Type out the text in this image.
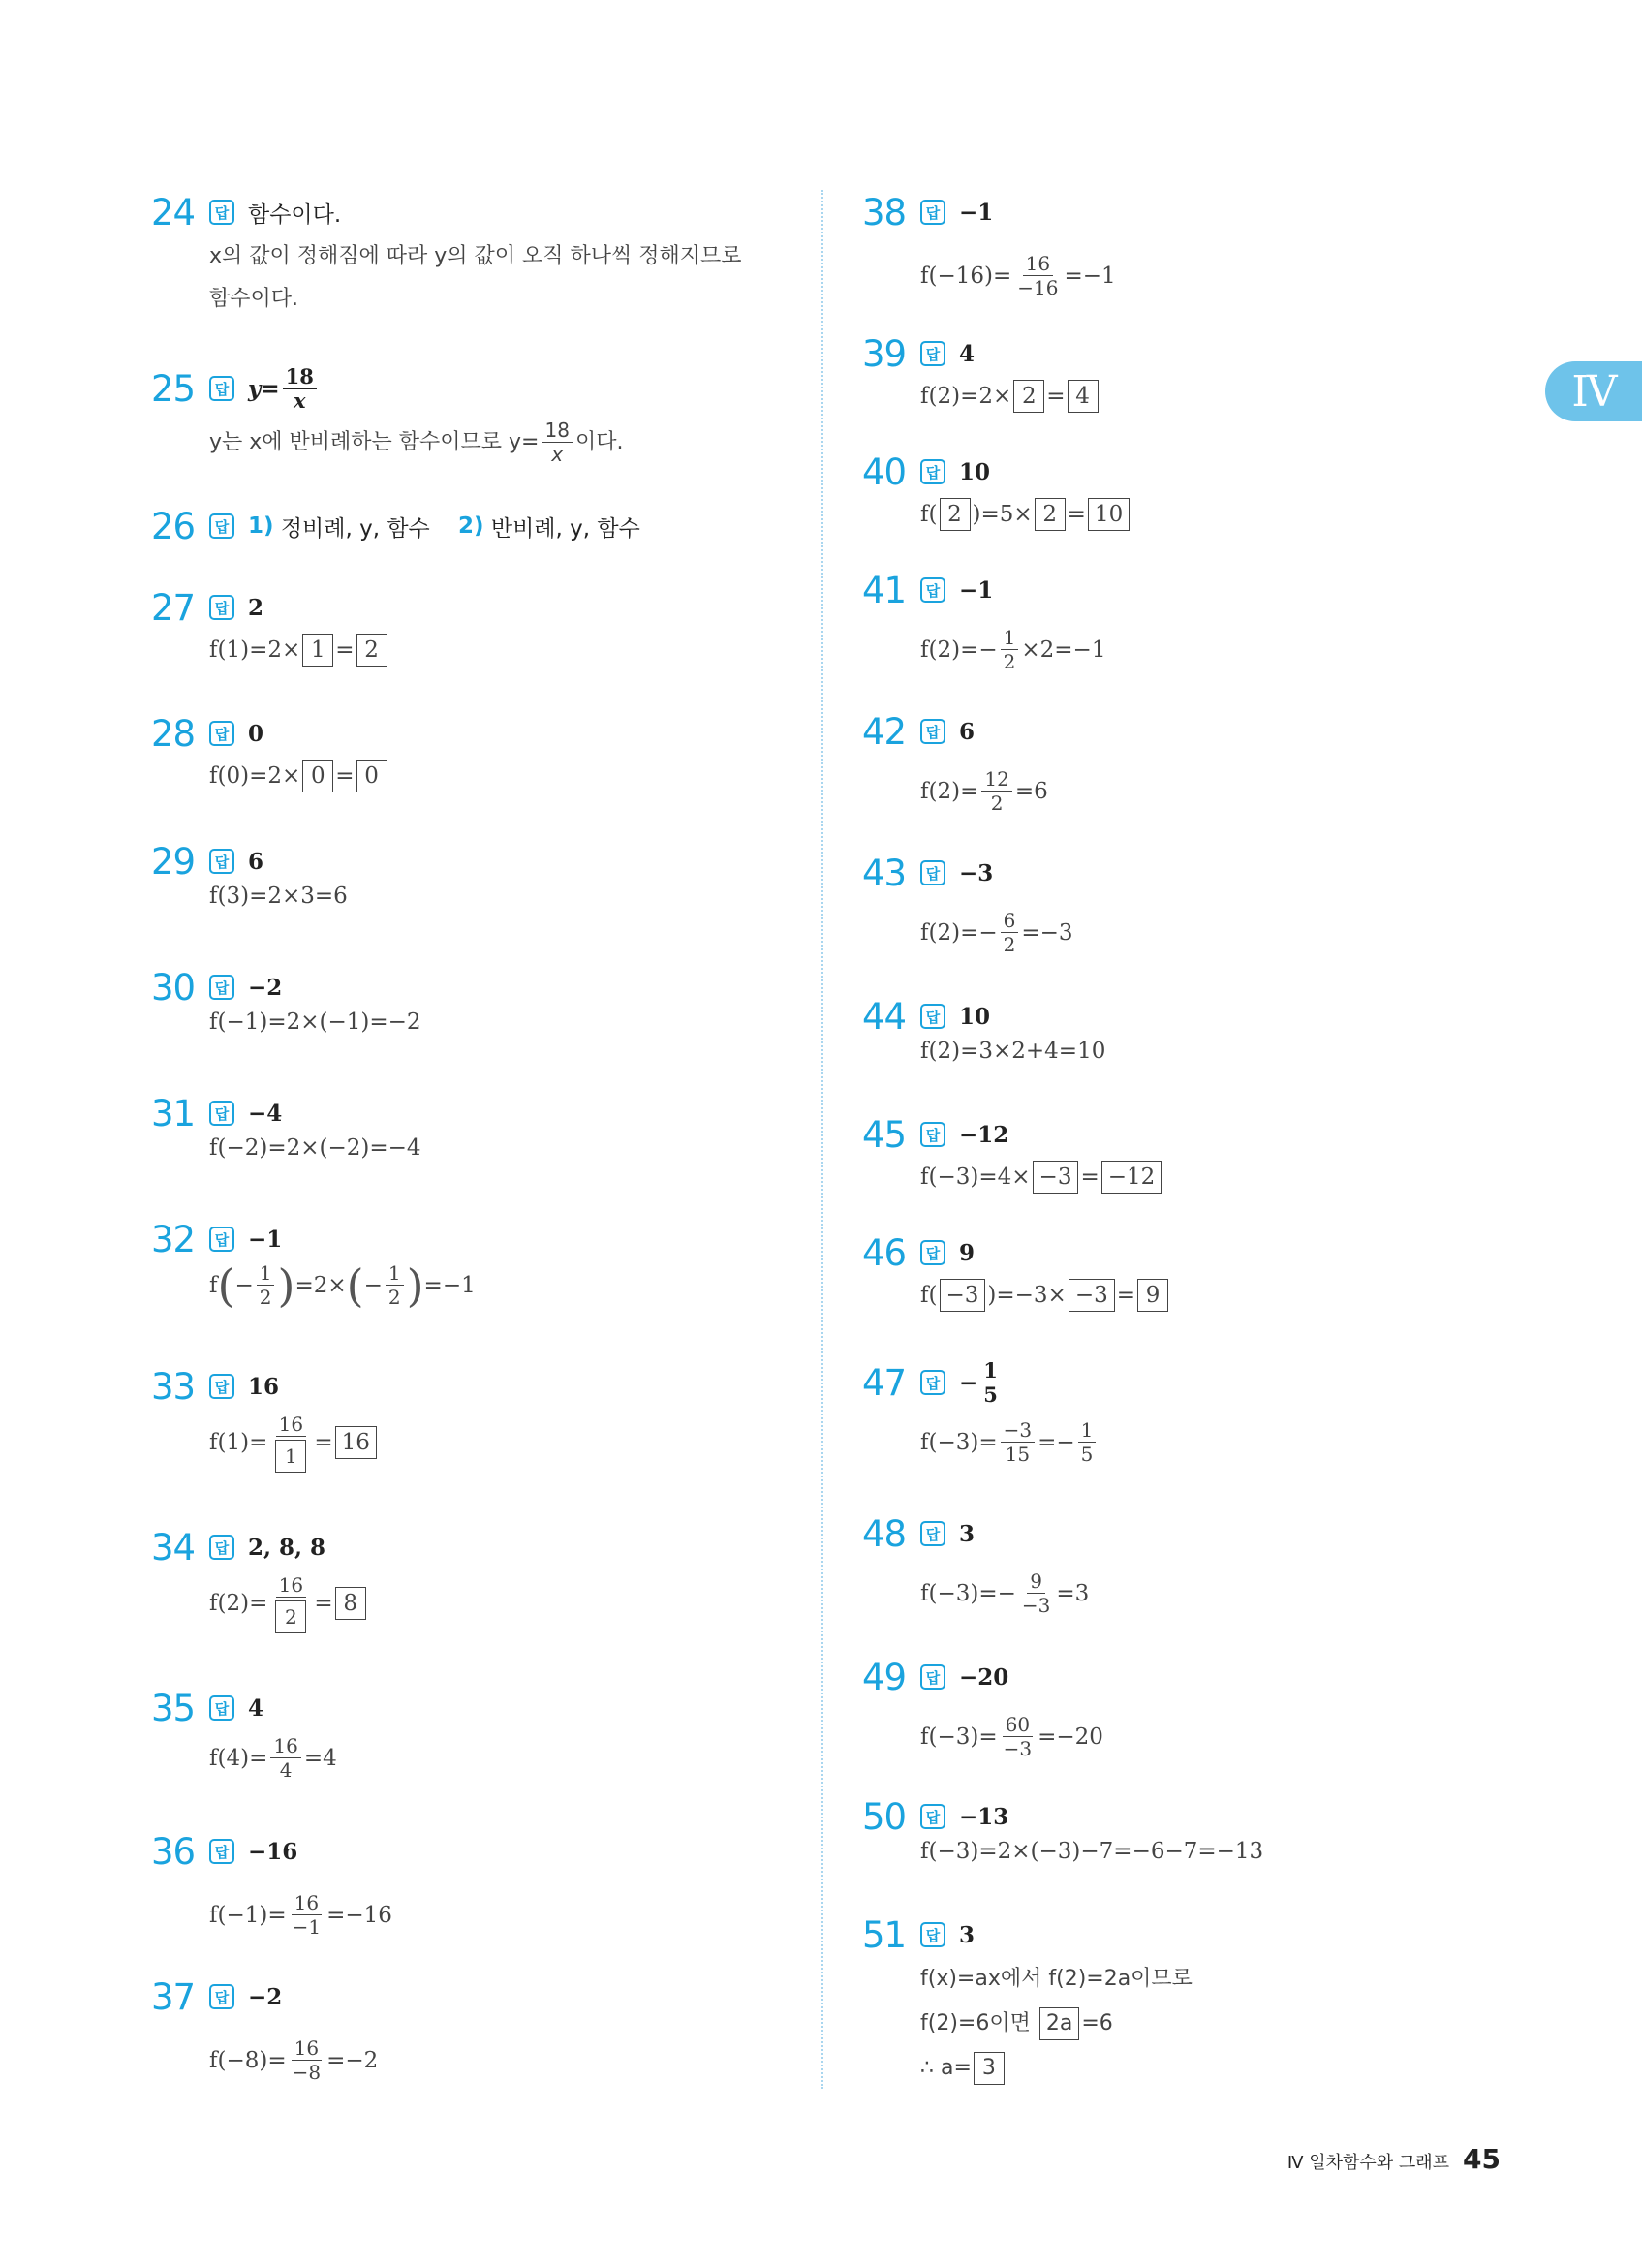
IV
24	답 함수이다.
x의 값이 정해짐에 따라 y의 값이 오직 하나씩 정해지므로
함수이다.
25	답 $y= \frac{18}{x}$
y는 x에 반비례하는 함수이므로 $y= \frac{18}{x}$ 이다.
26	답 1)
정비례, y, 함수
2)
반비례, y, 함수
27	답 2
f(1)=2× 1 = 2
28	답 0
f(0)=2× 0 = 0
29	답 6
f(3)=2×3=6
30	답 −2
f(−1)=2×(−1)=−2
31	답 −4
f(−2)=2×(−2)=−4
32	답 −1
f ( − $\frac{1}{2}$ ) =2× ( − $\frac{1}{2}$ ) =−1
33	답 16
$f(1)= \frac{16}{1} = 16$
34	답 2, 8, 8
$f(2)= \frac{16}{2} = 8$
35	답 4
$f(4)= \frac{16}{4} =4$
36	답 −16
$f(-1)= \frac{16}{-1} =-16$
37	답 −2
$f(-8)= \frac{16}{-8} =-2$
38	답 −1
$f(-16)= \frac{16}{-16} =-1$
39	답 4
f(2)=2× 2 = 4
40	답 10
f( 2 )=5× 2 = 10
41	답 −1
$f(2)=- \frac{1}{2} \times 2=-1$
42	답 6
$f(2)= \frac{12}{2} =6$
43	답 −3
$f(2)=- \frac{6}{2} =-3$
44	답 10
f(2)=3×2+4=10
45	답 −12
f(−3)=4× −3 = −12
46	답 9
f( −3 )=−3× −3 = 9
47	답 − $\frac{1}{5}$
$f(-3)= \frac{-3}{15} =- \frac{1}{5}$
48	답 3
$f(-3)=- \frac{9}{-3} =3$
49	답 −20
$f(-3)= \frac{60}{-3} =-20$
50	답 −13
f(−3)=2×(−3)−7=−6−7=−13
51	답 3
f(x)=ax에서 f(2)=2a이므로
f(2)=6이면
2a =6
∴ a= 3
Ⅳ 일차함수와 그래프 45
